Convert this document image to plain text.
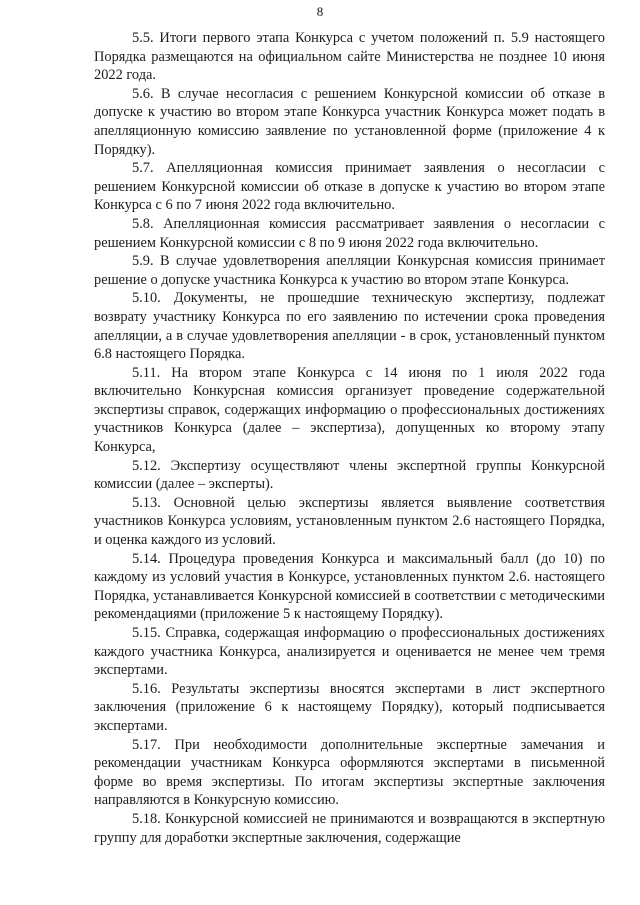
8

5.5. Итоги первого этапа Конкурса с учетом положений п. 5.9 настоящего Порядка размещаются на официальном сайте Министерства не позднее 10 июня 2022 года.

5.6. В случае несогласия с решением Конкурсной комиссии об отказе в допуске к участию во втором этапе Конкурса участник Конкурса может подать в апелляционную комиссию заявление по установленной форме (приложение 4 к Порядку).

5.7. Апелляционная комиссия принимает заявления о несогласии с решением Конкурсной комиссии об отказе в допуске к участию во втором этапе Конкурса с 6 по 7 июня 2022 года включительно.

5.8. Апелляционная комиссия рассматривает заявления о несогласии с решением Конкурсной комиссии с 8 по 9 июня 2022 года включительно.

5.9. В случае удовлетворения апелляции Конкурсная комиссия принимает решение о допуске участника Конкурса к участию во втором этапе Конкурса.

5.10. Документы, не прошедшие техническую экспертизу, подлежат возврату участнику Конкурса по его заявлению по истечении срока проведения апелляции, а в случае удовлетворения апелляции - в срок, установленный пунктом 6.8 настоящего Порядка.

5.11. На втором этапе Конкурса с 14 июня по 1 июля 2022 года включительно Конкурсная комиссия организует проведение содержательной экспертизы справок, содержащих информацию о профессиональных достижениях участников Конкурса (далее – экспертиза), допущенных ко второму этапу Конкурса,

5.12. Экспертизу осуществляют члены экспертной группы Конкурсной комиссии (далее – эксперты).

5.13. Основной целью экспертизы является выявление соответствия участников Конкурса условиям, установленным пунктом 2.6 настоящего Порядка, и оценка каждого из условий.

5.14. Процедура проведения Конкурса и максимальный балл (до 10) по каждому из условий участия в Конкурсе, установленных пунктом 2.6. настоящего Порядка, устанавливается Конкурсной комиссией в соответствии с методическими рекомендациями (приложение 5 к настоящему Порядку).

5.15. Справка, содержащая информацию о профессиональных достижениях каждого участника Конкурса, анализируется и оценивается не менее чем тремя экспертами.

5.16. Результаты экспертизы вносятся экспертами в лист экспертного заключения (приложение 6 к настоящему Порядку), который подписывается экспертами.

5.17. При необходимости дополнительные экспертные замечания и рекомендации участникам Конкурса оформляются экспертами в письменной форме во время экспертизы. По итогам экспертизы экспертные заключения направляются в Конкурсную комиссию.

5.18. Конкурсной комиссией не принимаются и возвращаются в экспертную группу для доработки экспертные заключения, содержащие
